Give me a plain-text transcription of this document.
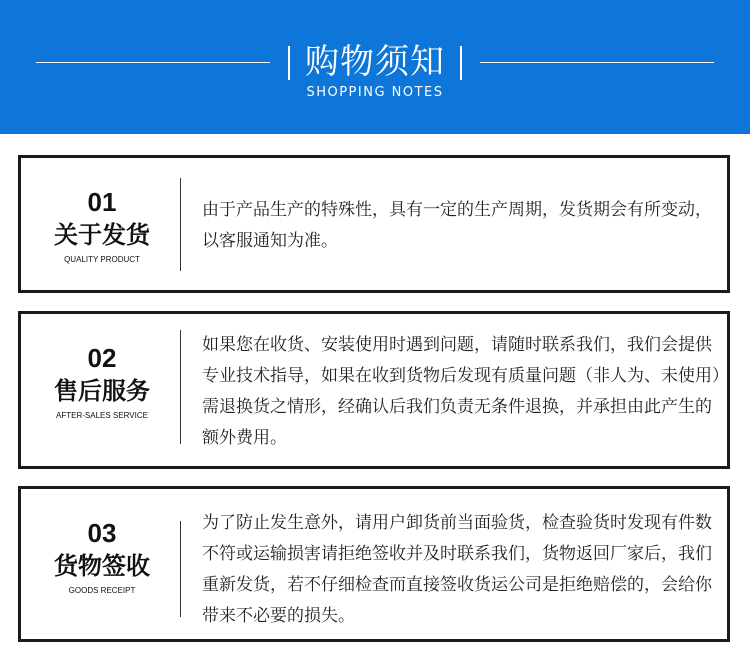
购物须知
SHOPPING NOTES
01
关于发货
QUALITY PRODUCT

由于产品生产的特殊性，具有一定的生产周期，发货期会有所变动，以客服通知为准。

02
售后服务
AFTER-SALES SERVICE

如果您在收货、安装使用时遇到问题，请随时联系我们，我们会提供专业技术指导，如果在收到货物后发现有质量问题（非人为、未使用）需退换货之情形，经确认后我们负责无条件退换，并承担由此产生的额外费用。

03
货物签收
GOODS RECEIPT

为了防止发生意外，请用户卸货前当面验货，检查验货时发现有件数不符或运输损害请拒绝签收并及时联系我们，货物返回厂家后，我们重新发货，若不仔细检查而直接签收货运公司是拒绝赔偿的，会给你带来不必要的损失。
